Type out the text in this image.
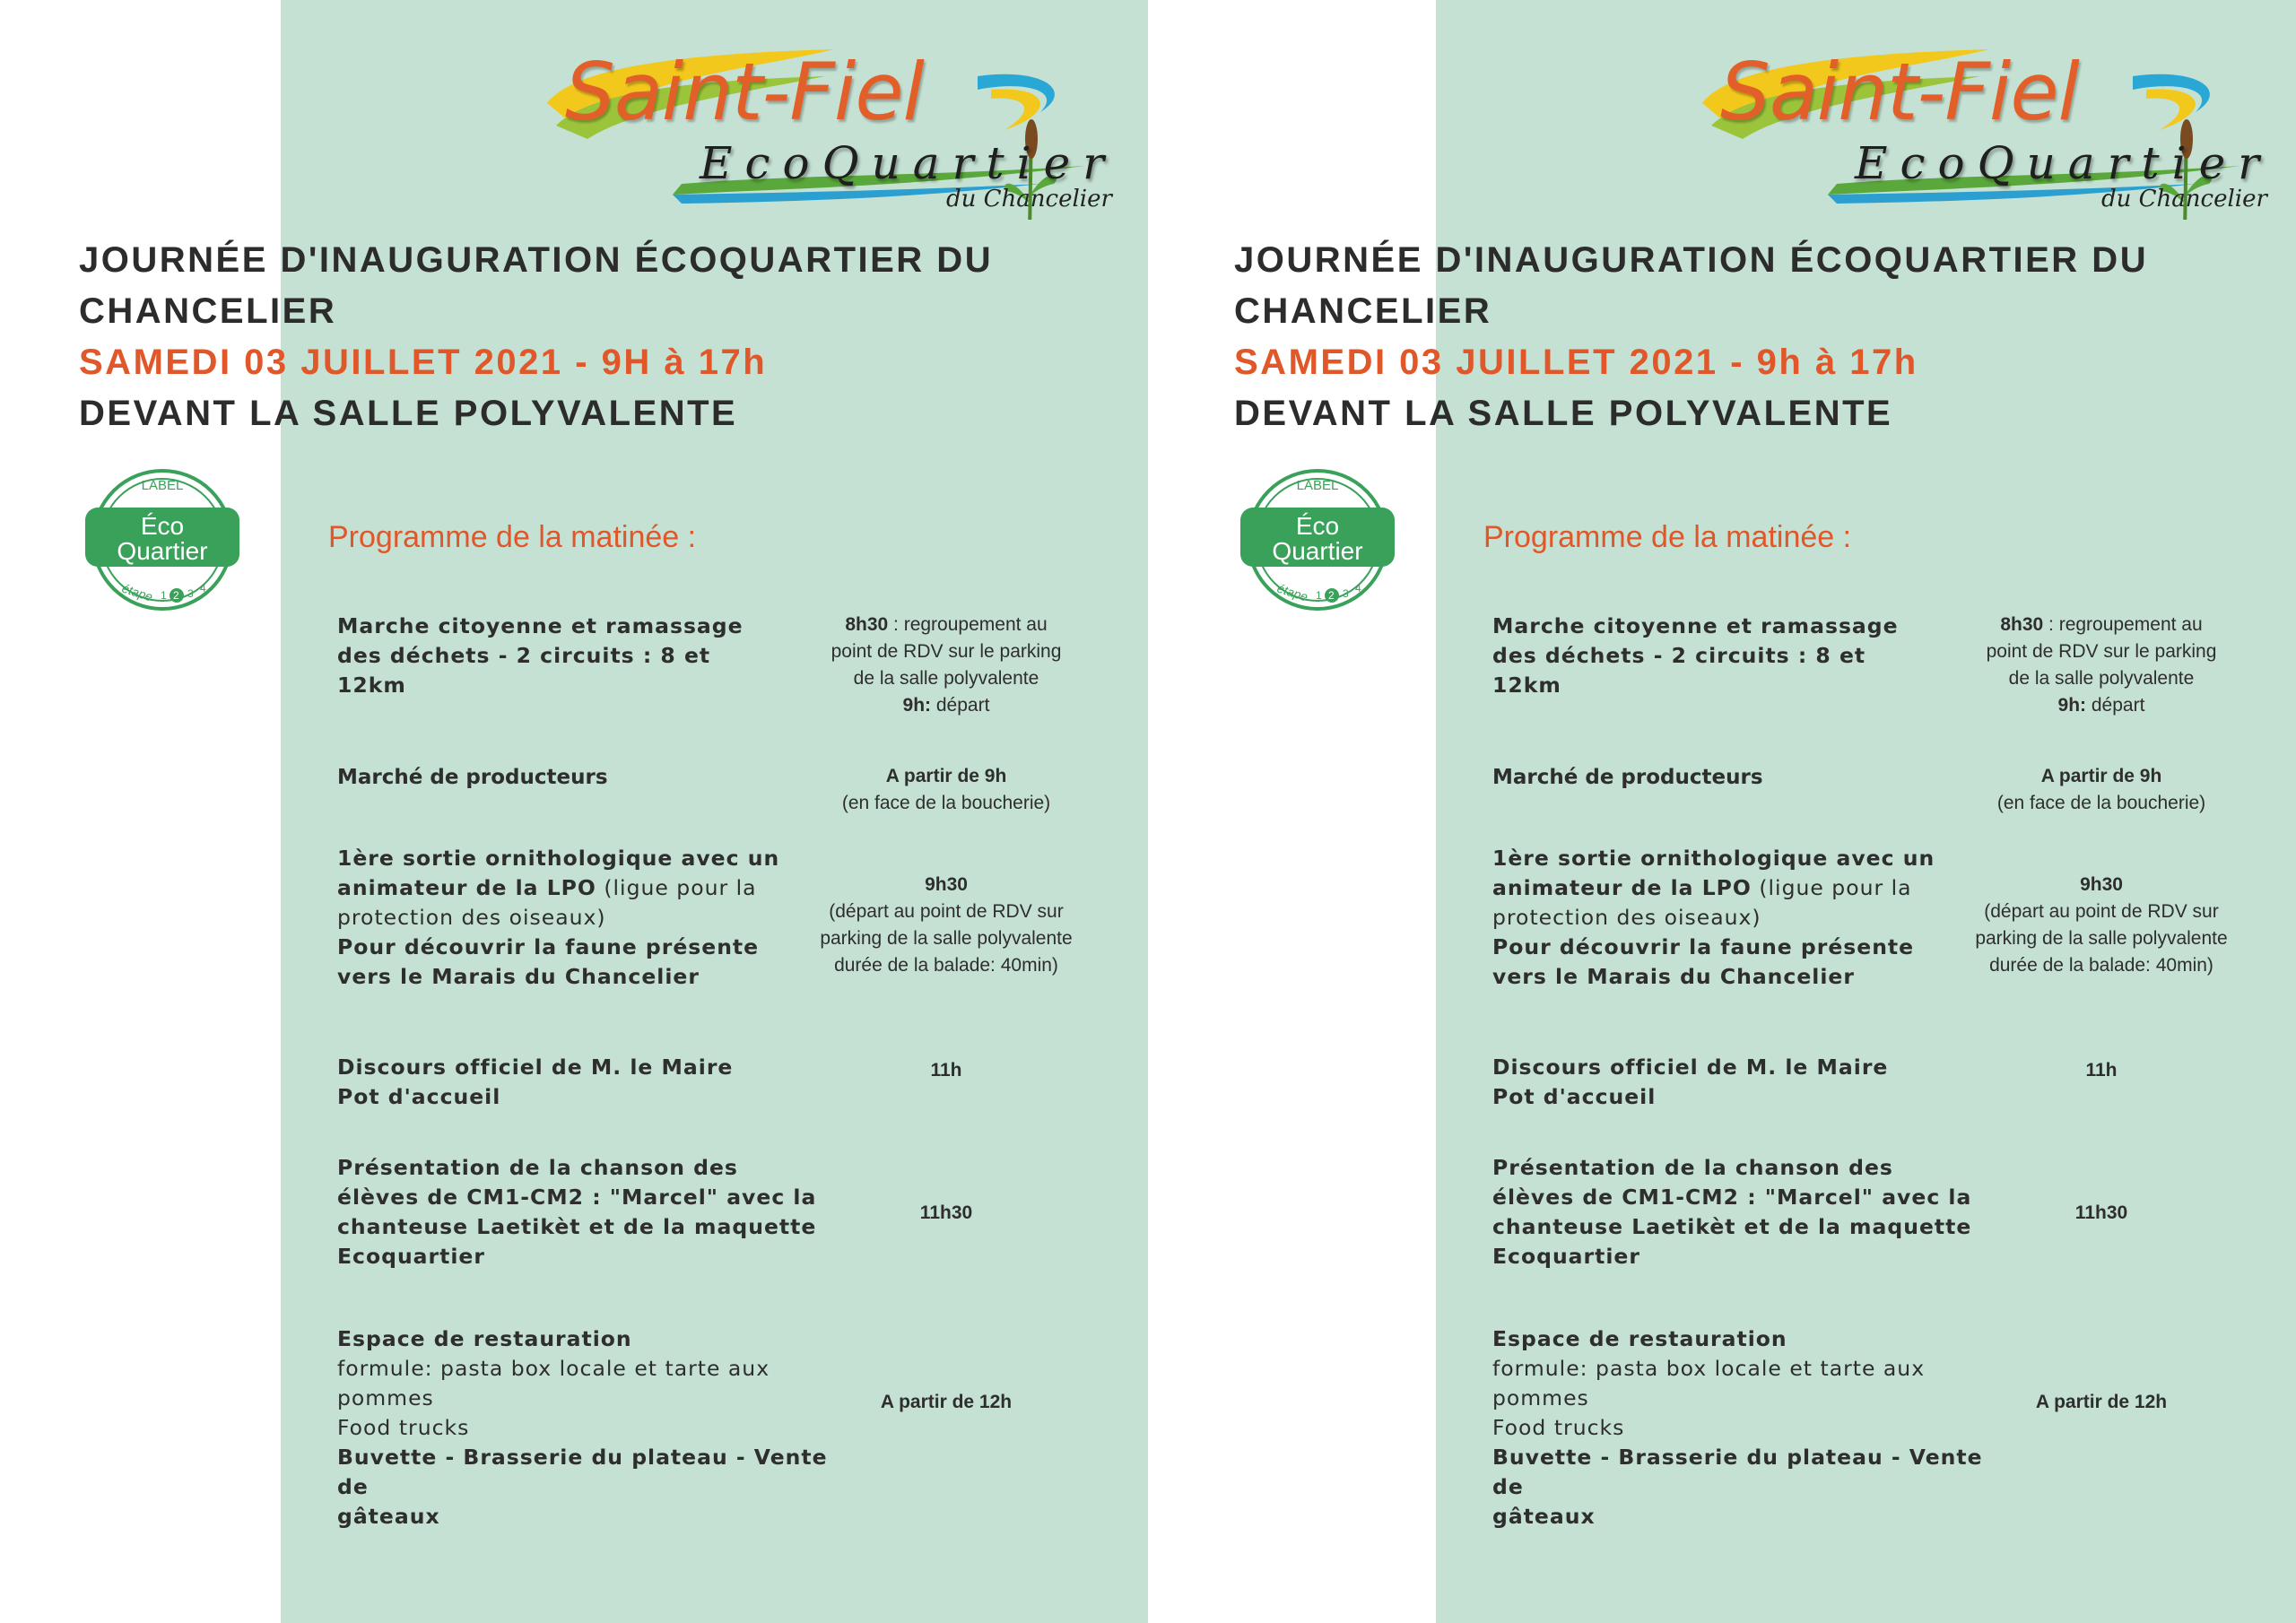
Saint-Fiel
EcoQuartier
du Chancelier
JOURNÉE D'INAUGURATION ÉCOQUARTIER DU
CHANCELIER
SAMEDI 03 JUILLET 2021 - 9H à 17h
DEVANT LA SALLE POLYVALENTE
LABEL
Éco
Quartier
étape 1 2 3 4
Programme de la matinée :
Marche citoyenne et ramassage
des déchets - 2 circuits : 8 et
12km
8h30 : regroupement au
point de RDV sur le parking
de la salle polyvalente
9h: départ
Marché de producteurs	A partir de 9h
(en face de la boucherie)
1ère sortie ornithologique avec un
animateur de la LPO (ligue pour la
protection des oiseaux)
Pour découvrir la faune présente
vers le Marais du Chancelier
9h30
(départ au point de RDV sur
parking de la salle polyvalente
durée de la balade: 40min)
Discours officiel de M. le Maire
Pot d'accueil
11h
Présentation de la chanson des
élèves de CM1-CM2 : "Marcel" avec la
chanteuse Laetikèt et de la maquette
Ecoquartier
11h30
Espace de restauration
formule: pasta box locale et tarte aux
pommes
Food trucks
Buvette - Brasserie du plateau - Vente de
gâteaux
A partir de 12h
Saint-Fiel
EcoQuartier
du Chancelier
JOURNÉE D'INAUGURATION ÉCOQUARTIER DU
CHANCELIER
SAMEDI 03 JUILLET 2021 - 9h à 17h
DEVANT LA SALLE POLYVALENTE
LABEL
Éco
Quartier
étape 1 2 3 4
Programme de la matinée :
Marche citoyenne et ramassage
des déchets - 2 circuits : 8 et
12km
8h30 : regroupement au
point de RDV sur le parking
de la salle polyvalente
9h: départ
Marché de producteurs	A partir de 9h
(en face de la boucherie)
1ère sortie ornithologique avec un
animateur de la LPO (ligue pour la
protection des oiseaux)
Pour découvrir la faune présente
vers le Marais du Chancelier
9h30
(départ au point de RDV sur
parking de la salle polyvalente
durée de la balade: 40min)
Discours officiel de M. le Maire
Pot d'accueil
11h
Présentation de la chanson des
élèves de CM1-CM2 : "Marcel" avec la
chanteuse Laetikèt et de la maquette
Ecoquartier
11h30
Espace de restauration
formule: pasta box locale et tarte aux
pommes
Food trucks
Buvette - Brasserie du plateau - Vente de
gâteaux
A partir de 12h
